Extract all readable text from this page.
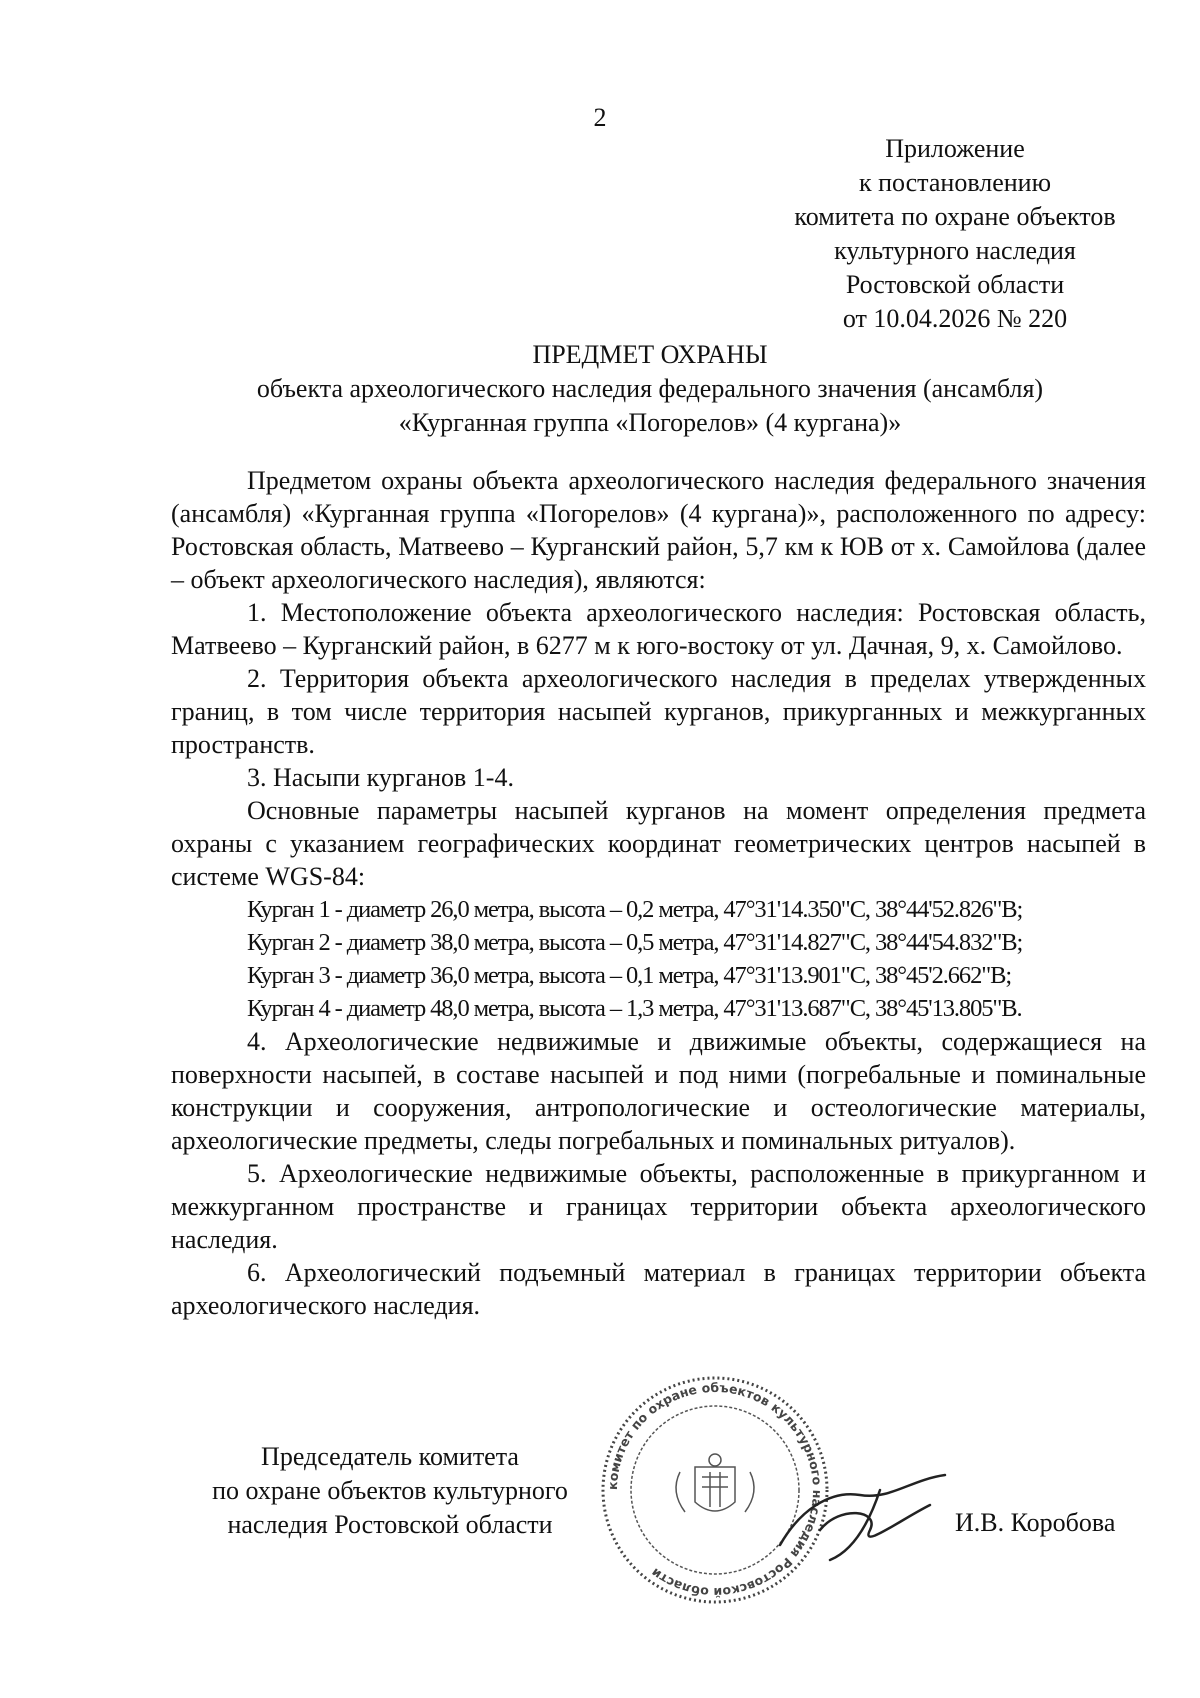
2
Приложение
к постановлению
комитета по охране объектов
культурного наследия
Ростовской области
от 10.04.2026 № 220
ПРЕДМЕТ ОХРАНЫ
объекта археологического наследия федерального значения (ансамбля)
«Курганная группа «Погорелов» (4 кургана)»

Предметом охраны объекта археологического наследия федерального значения (ансамбля) «Курганная группа «Погорелов» (4 кургана)», расположенного по адресу: Ростовская область, Матвеево – Курганский район, 5,7 км к ЮВ от х. Самойлова (далее – объект археологического наследия), являются:

1. Местоположение объекта археологического наследия: Ростовская область, Матвеево – Курганский район, в 6277 м к юго-востоку от ул. Дачная, 9, х. Самойлово.

2. Территория объекта археологического наследия в пределах утвержденных границ, в том числе территория насыпей курганов, прикурганных и межкурганных пространств.

3. Насыпи курганов 1-4.

Основные параметры насыпей курганов на момент определения предмета охраны с указанием географических координат геометрических центров насыпей в системе WGS-84:

Курган 1 - диаметр 26,0 метра, высота – 0,2 метра, 47°31'14.350"С, 38°44'52.826"В;

Курган 2 - диаметр 38,0 метра, высота – 0,5 метра, 47°31'14.827"С, 38°44'54.832"В;

Курган 3 - диаметр 36,0 метра, высота – 0,1 метра, 47°31'13.901"С, 38°45'2.662"В;

Курган 4 - диаметр 48,0 метра, высота – 1,3 метра, 47°31'13.687"С, 38°45'13.805"В.

4. Археологические недвижимые и движимые объекты, содержащиеся на поверхности насыпей, в составе насыпей и под ними (погребальные и поминальные конструкции и сооружения, антропологические и остеологические материалы, археологические предметы, следы погребальных и поминальных ритуалов).

5. Археологические недвижимые объекты, расположенные в прикурганном и межкурганном пространстве и границах территории объекта археологического наследия.

6. Археологический подъемный материал в границах территории объекта археологического наследия.

Председатель комитета
по охране объектов культурного
наследия Ростовской области
комитет по охране объектов культурного наследия Ростовской области
И.В. Коробова
